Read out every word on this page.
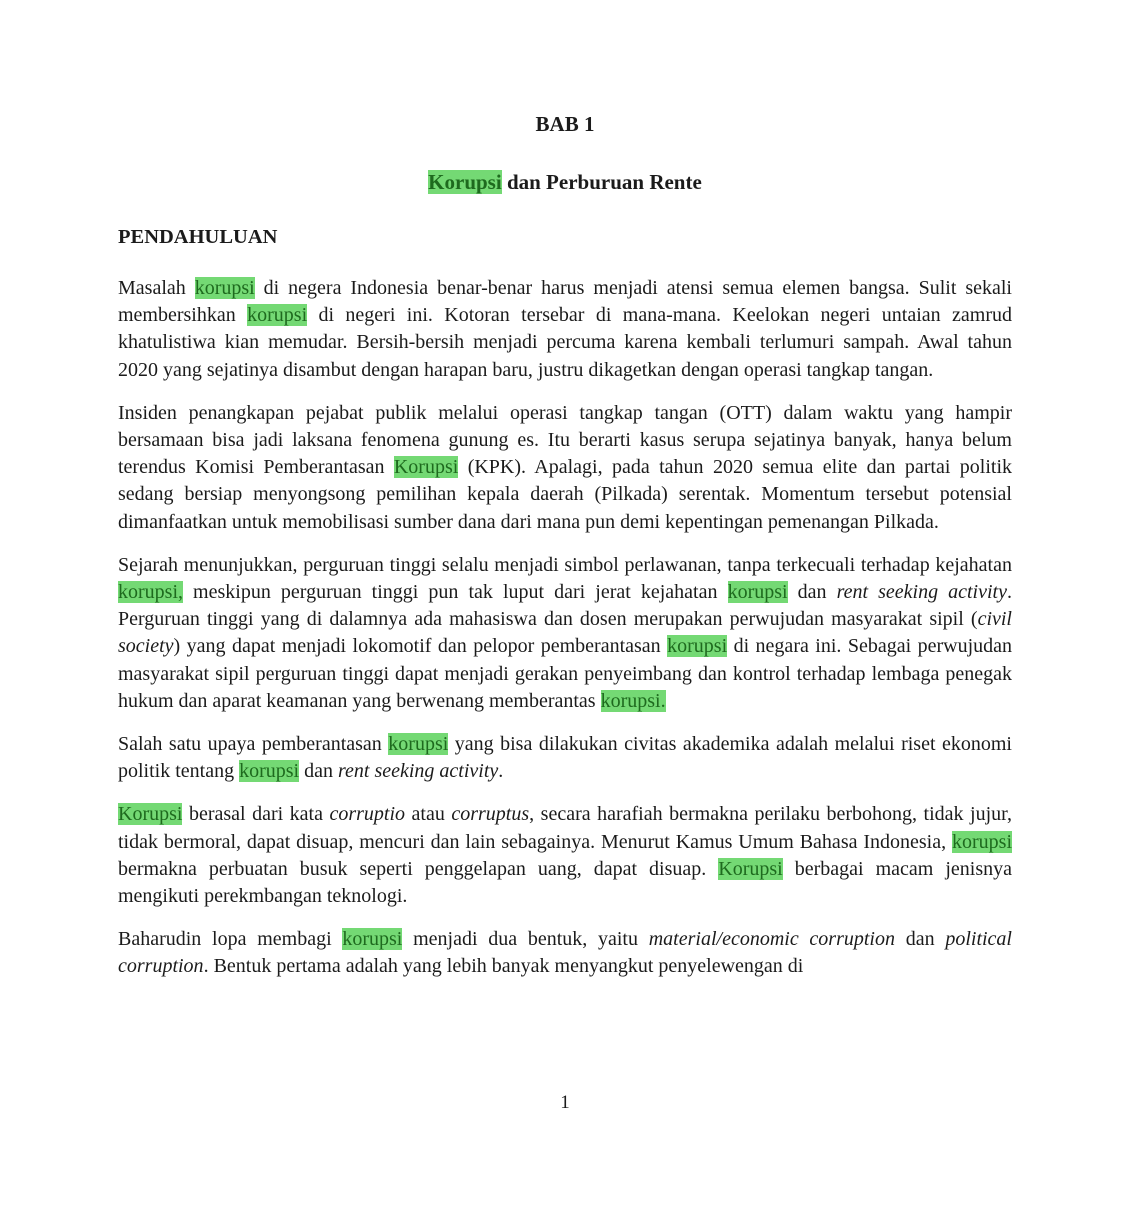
BAB 1
Korupsi dan Perburuan Rente
PENDAHULUAN

Masalah korupsi di negera Indonesia benar-benar harus menjadi atensi semua elemen bangsa. Sulit sekali membersihkan korupsi di negeri ini. Kotoran tersebar di mana-mana. Keelokan negeri untaian zamrud khatulistiwa kian memudar. Bersih-bersih menjadi percuma karena kembali terlumuri sampah. Awal tahun 2020 yang sejatinya disambut dengan harapan baru, justru dikagetkan dengan operasi tangkap tangan.

Insiden penangkapan pejabat publik melalui operasi tangkap tangan (OTT) dalam waktu yang hampir bersamaan bisa jadi laksana fenomena gunung es. Itu berarti kasus serupa sejatinya banyak, hanya belum terendus Komisi Pemberantasan Korupsi (KPK). Apalagi, pada tahun 2020 semua elite dan partai politik sedang bersiap menyongsong pemilihan kepala daerah (Pilkada) serentak. Momentum tersebut potensial dimanfaatkan untuk memobilisasi sumber dana dari mana pun demi kepentingan pemenangan Pilkada.

Sejarah menunjukkan, perguruan tinggi selalu menjadi simbol perlawanan, tanpa terkecuali terhadap kejahatan korupsi, meskipun perguruan tinggi pun tak luput dari jerat kejahatan korupsi dan rent seeking activity. Perguruan tinggi yang di dalamnya ada mahasiswa dan dosen merupakan perwujudan masyarakat sipil (civil society) yang dapat menjadi lokomotif dan pelopor pemberantasan korupsi di negara ini. Sebagai perwujudan masyarakat sipil perguruan tinggi dapat menjadi gerakan penyeimbang dan kontrol terhadap lembaga penegak hukum dan aparat keamanan yang berwenang memberantas korupsi.

Salah satu upaya pemberantasan korupsi yang bisa dilakukan civitas akademika adalah melalui riset ekonomi politik tentang korupsi dan rent seeking activity.

Korupsi berasal dari kata corruptio atau corruptus, secara harafiah bermakna perilaku berbohong, tidak jujur, tidak bermoral, dapat disuap, mencuri dan lain sebagainya. Menurut Kamus Umum Bahasa Indonesia, korupsi bermakna perbuatan busuk seperti penggelapan uang, dapat disuap. Korupsi berbagai macam jenisnya mengikuti perekmbangan teknologi.

Baharudin lopa membagi korupsi menjadi dua bentuk, yaitu material/economic corruption dan political corruption. Bentuk pertama adalah yang lebih banyak menyangkut penyelewengan di

1
